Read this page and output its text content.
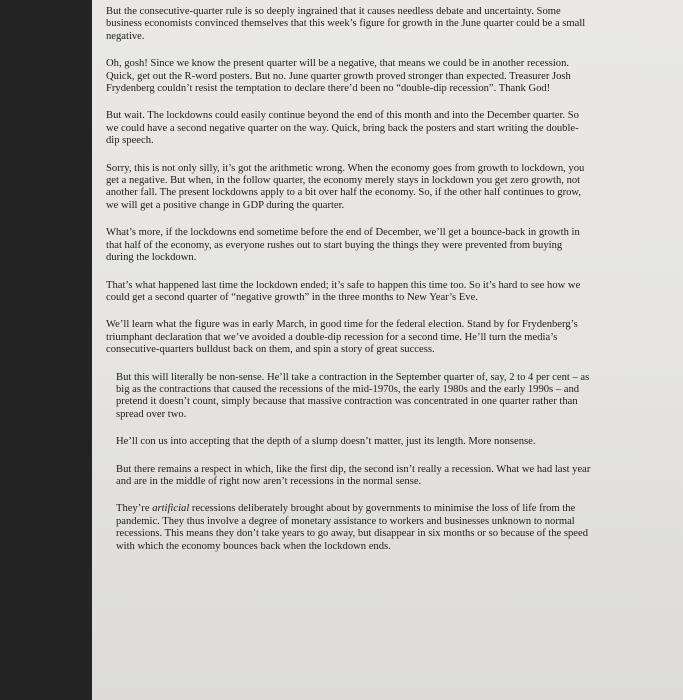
But the consecutive-quarter rule is so deeply ingrained that it causes needless debate and uncertainty. Some business economists convinced themselves that this week’s figure for growth in the June quarter could be a small negative.

Oh, gosh! Since we know the present quarter will be a negative, that means we could be in another recession. Quick, get out the R-word posters. But no. June quarter growth proved stronger than expected. Treasurer Josh Frydenberg couldn’t resist the temptation to declare there’d been no “double-dip recession”. Thank God!

But wait. The lockdowns could easily continue beyond the end of this month and into the December quarter. So we could have a second negative quarter on the way. Quick, bring back the posters and start writing the double-dip speech.

Sorry, this is not only silly, it’s got the arithmetic wrong. When the economy goes from growth to lockdown, you get a negative. But when, in the follow quarter, the economy merely stays in lockdown you get zero growth, not another fall. The present lockdowns apply to a bit over half the economy. So, if the other half continues to grow, we will get a positive change in GDP during the quarter.

What’s more, if the lockdowns end sometime before the end of December, we’ll get a bounce-back in growth in that half of the economy, as everyone rushes out to start buying the things they were prevented from buying during the lockdown.

That’s what happened last time the lockdown ended; it’s safe to happen this time too. So it’s hard to see how we could get a second quarter of “negative growth” in the three months to New Year’s Eve.

We’ll learn what the figure was in early March, in good time for the federal election. Stand by for Frydenberg’s triumphant declaration that we’ve avoided a double-dip recession for a second time. He’ll turn the media’s consecutive-quarters bulldust back on them, and spin a story of great success.

But this will literally be non-sense. He’ll take a contraction in the September quarter of, say, 2 to 4 per cent – as big as the contractions that caused the recessions of the mid-1970s, the early 1980s and the early 1990s – and pretend it doesn’t count, simply because that massive contraction was concentrated in one quarter rather than spread over two.

He’ll con us into accepting that the depth of a slump doesn’t matter, just its length. More nonsense.

But there remains a respect in which, like the first dip, the second isn’t really a recession. What we had last year and are in the middle of right now aren’t recessions in the normal sense.

They’re artificial recessions deliberately brought about by governments to minimise the loss of life from the pandemic. They thus involve a degree of monetary assistance to workers and businesses unknown to normal recessions. This means they don’t take years to go away, but disappear in six months or so because of the speed with which the economy bounces back when the lockdown ends.
